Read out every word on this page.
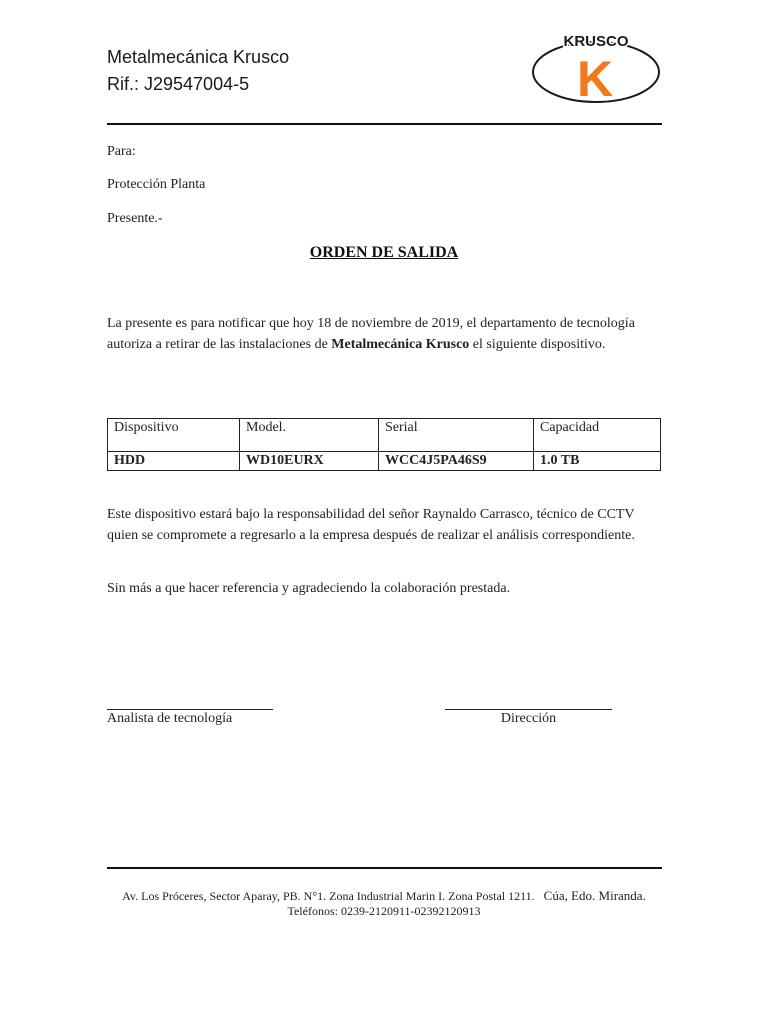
Metalmecánica Krusco
Rif.: J29547004-5
KRUSCO
K
Para:
Protección Planta
Presente.-
ORDEN DE SALIDA
La presente es para notificar que hoy 18 de noviembre de 2019, el departamento de tecnología autoriza a retirar de las instalaciones de Metalmecánica Krusco el siguiente dispositivo.
Dispositivo	Model.	Serial	Capacidad
HDD	WD10EURX	WCC4J5PA46S9	1.0 TB
Este dispositivo estará bajo la responsabilidad del señor Raynaldo Carrasco, técnico de CCTV quien se compromete a regresarlo a la empresa después de realizar el análisis correspondiente.
Sin más a que hacer referencia y agradeciendo la colaboración prestada.
Analista de tecnología	Dirección
Av. Los Próceres, Sector Aparay, PB. N°1. Zona Industrial Marin I. Zona Postal 1211. Cúa, Edo. Miranda.
Teléfonos: 0239-2120911-02392120913
